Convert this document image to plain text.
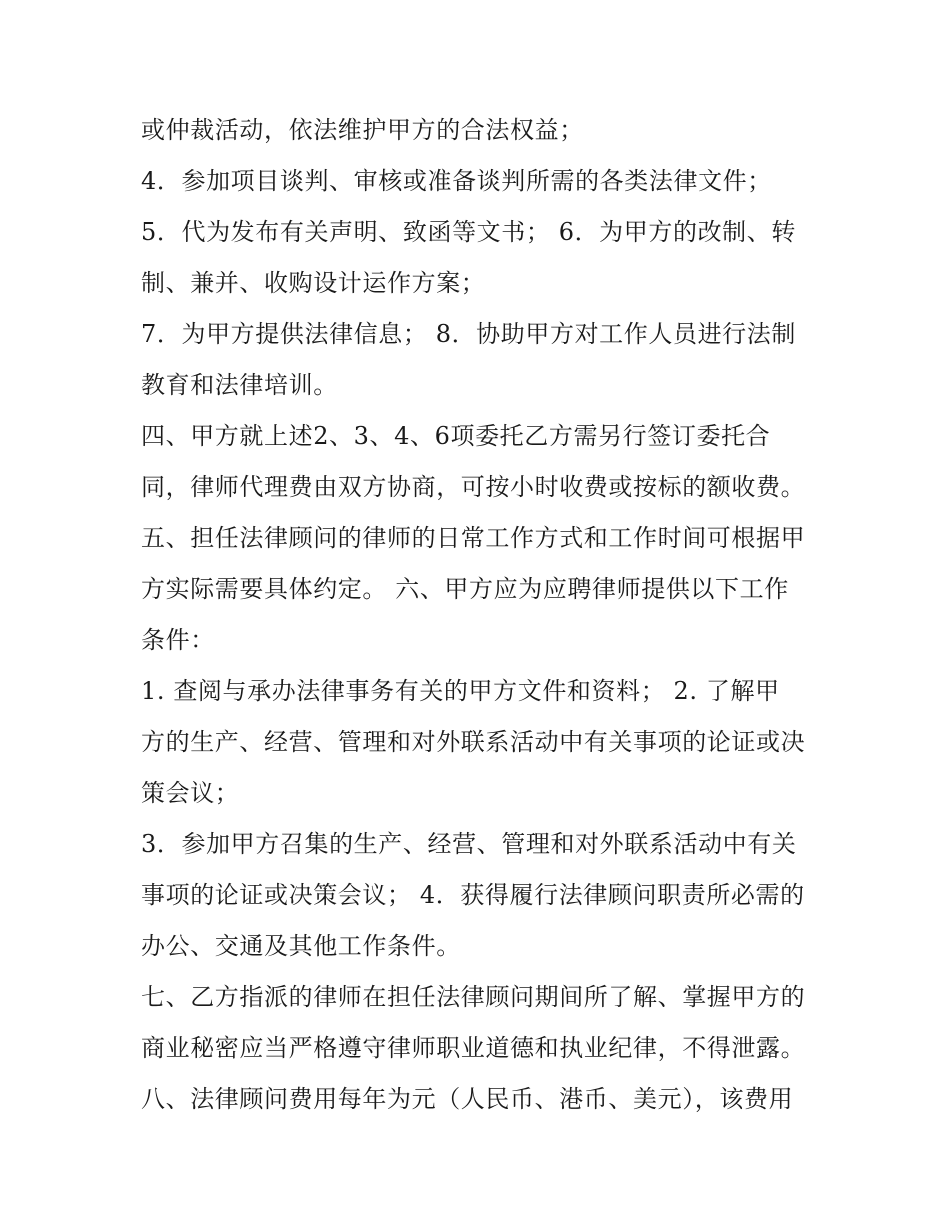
或仲裁活动，依法维护甲方的合法权益；
4．参加项目谈判、审核或准备谈判所需的各类法律文件；
5．代为发布有关声明、致函等文书； 6．为甲方的改制、转
制、兼并、收购设计运作方案；
7．为甲方提供法律信息； 8．协助甲方对工作人员进行法制
教育和法律培训。
四、甲方就上述2、3、4、6项委托乙方需另行签订委托合
同，律师代理费由双方协商，可按小时收费或按标的额收费。
五、担任法律顾问的律师的日常工作方式和工作时间可根据甲
方实际需要具体约定。 六、甲方应为应聘律师提供以下工作
条件：
1. 查阅与承办法律事务有关的甲方文件和资料； 2. 了解甲
方的生产、经营、管理和对外联系活动中有关事项的论证或决
策会议；
3．参加甲方召集的生产、经营、管理和对外联系活动中有关
事项的论证或决策会议； 4．获得履行法律顾问职责所必需的
办公、交通及其他工作条件。
七、乙方指派的律师在担任法律顾问期间所了解、掌握甲方的
商业秘密应当严格遵守律师职业道德和执业纪律，不得泄露。
八、法律顾问费用每年为元（人民币、港币、美元），该费用
